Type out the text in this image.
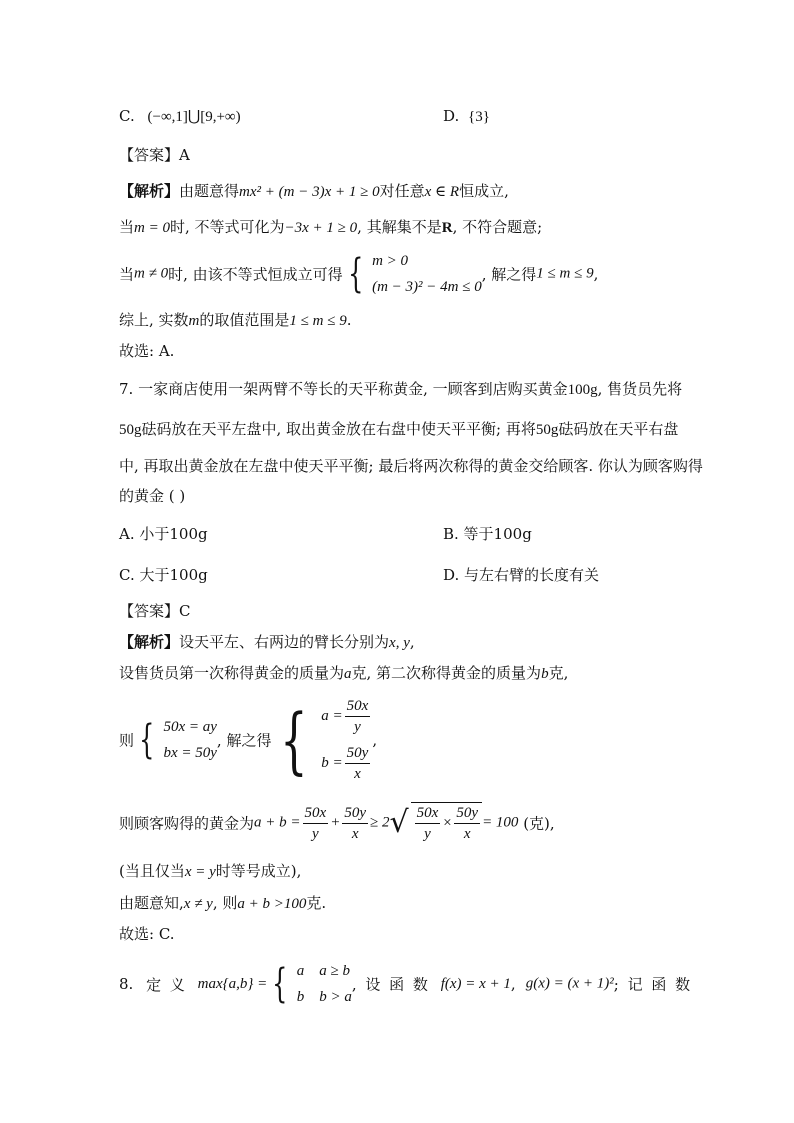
C. (−∞,1]⋃[9,+∞)	D. {3}
【答案】A
【解析】由题意得mx² + (m − 3)x + 1 ≥ 0对任意x ∈ R恒成立,
当m = 0时, 不等式可化为−3x + 1 ≥ 0, 其解集不是R, 不符合题意;
当m ≠ 0时, 由该不等式恒成立可得 { m > 0
(m − 3)² − 4m ≤ 0
, 解之得1 ≤ m ≤ 9,
综上, 实数m的取值范围是1 ≤ m ≤ 9.
故选: A.
7. 一家商店使用一架两臂不等长的天平称黄金, 一顾客到店购买黄金100g, 售货员先将
50g砝码放在天平左盘中, 取出黄金放在右盘中使天平平衡; 再将50g砝码放在天平右盘
中, 再取出黄金放在左盘中使天平平衡; 最后将两次称得的黄金交给顾客. 你认为顾客购得
的黄金 ( )
A. 小于100g	B. 等于100g
C. 大于100g	D. 与左右臂的长度有关
【答案】C
【解析】设天平左、右两边的臂长分别为x, y,
设售货员第一次称得黄金的质量为a克, 第二次称得黄金的质量为b克,
则 { 50x = ay
bx = 50y
, 解之得 { $a = \frac{50x}{y}$
$b = \frac{50y}{x}$
,
则顾客购得的黄金为$a + b = \frac{50x}{y} + \frac{50y}{x} \ge 2√ \frac{50x}{y} \times \frac{50y}{x} = 100$ (克),
(当且仅当x = y时等号成立),
由题意知,x ≠ y, 则a + b >100克.
故选: C.
8. 定 义 max{a,b} = { a    a ≥ b
b    b > a
, 设 函 数 f(x) = x + 1, g(x) = (x + 1)²; 记 函 数
